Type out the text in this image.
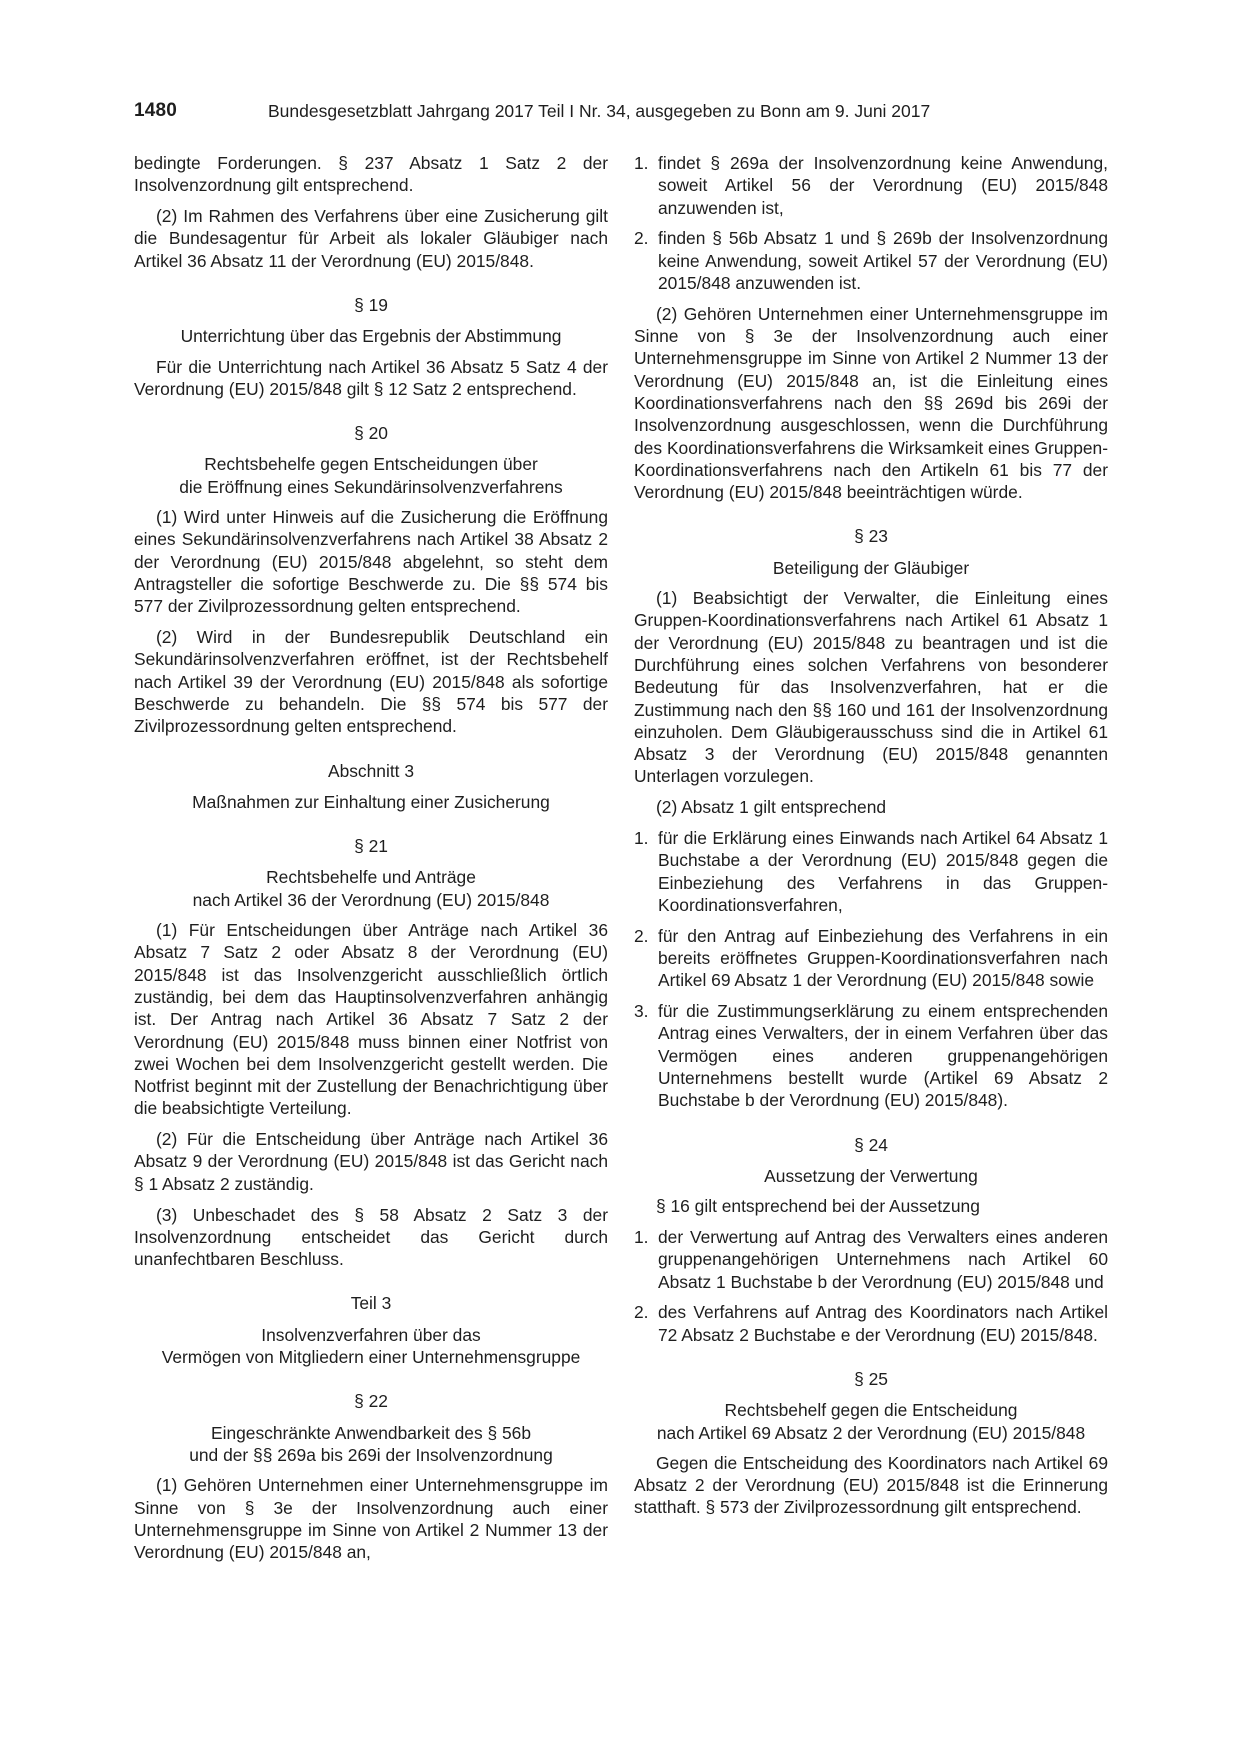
1480	Bundesgesetzblatt Jahrgang 2017 Teil I Nr. 34, ausgegeben zu Bonn am 9. Juni 2017

bedingte Forderungen. § 237 Absatz 1 Satz 2 der Insolvenzordnung gilt entsprechend.

(2) Im Rahmen des Verfahrens über eine Zusicherung gilt die Bundesagentur für Arbeit als lokaler Gläubiger nach Artikel 36 Absatz 11 der Verordnung (EU) 2015/848.

§ 19
Unterrichtung über das Ergebnis der Abstimmung

Für die Unterrichtung nach Artikel 36 Absatz 5 Satz 4 der Verordnung (EU) 2015/848 gilt § 12 Satz 2 entsprechend.

§ 20
Rechtsbehelfe gegen Entscheidungen über
die Eröffnung eines Sekundärinsolvenzverfahrens

(1) Wird unter Hinweis auf die Zusicherung die Eröffnung eines Sekundärinsolvenzverfahrens nach Artikel 38 Absatz 2 der Verordnung (EU) 2015/848 abgelehnt, so steht dem Antragsteller die sofortige Beschwerde zu. Die §§ 574 bis 577 der Zivilprozessordnung gelten entsprechend.

(2) Wird in der Bundesrepublik Deutschland ein Sekundärinsolvenzverfahren eröffnet, ist der Rechtsbehelf nach Artikel 39 der Verordnung (EU) 2015/848 als sofortige Beschwerde zu behandeln. Die §§ 574 bis 577 der Zivilprozessordnung gelten entsprechend.

Abschnitt 3
Maßnahmen zur Einhaltung einer Zusicherung
§ 21
Rechtsbehelfe und Anträge
nach Artikel 36 der Verordnung (EU) 2015/848

(1) Für Entscheidungen über Anträge nach Artikel 36 Absatz 7 Satz 2 oder Absatz 8 der Verordnung (EU) 2015/848 ist das Insolvenzgericht ausschließlich örtlich zuständig, bei dem das Hauptinsolvenzverfahren anhängig ist. Der Antrag nach Artikel 36 Absatz 7 Satz 2 der Verordnung (EU) 2015/848 muss binnen einer Notfrist von zwei Wochen bei dem Insolvenzgericht gestellt werden. Die Notfrist beginnt mit der Zustellung der Benachrichtigung über die beabsichtigte Verteilung.

(2) Für die Entscheidung über Anträge nach Artikel 36 Absatz 9 der Verordnung (EU) 2015/848 ist das Gericht nach § 1 Absatz 2 zuständig.

(3) Unbeschadet des § 58 Absatz 2 Satz 3 der Insolvenzordnung entscheidet das Gericht durch unanfechtbaren Beschluss.

Teil 3
Insolvenzverfahren über das
Vermögen von Mitgliedern einer Unternehmensgruppe
§ 22
Eingeschränkte Anwendbarkeit des § 56b
und der §§ 269a bis 269i der Insolvenzordnung

(1) Gehören Unternehmen einer Unternehmensgruppe im Sinne von § 3e der Insolvenzordnung auch einer Unternehmensgruppe im Sinne von Artikel 2 Nummer 13 der Verordnung (EU) 2015/848 an,

1. findet § 269a der Insolvenzordnung keine Anwendung, soweit Artikel 56 der Verordnung (EU) 2015/848 anzuwenden ist,
2. finden § 56b Absatz 1 und § 269b der Insolvenzordnung keine Anwendung, soweit Artikel 57 der Verordnung (EU) 2015/848 anzuwenden ist.

(2) Gehören Unternehmen einer Unternehmensgruppe im Sinne von § 3e der Insolvenzordnung auch einer Unternehmensgruppe im Sinne von Artikel 2 Nummer 13 der Verordnung (EU) 2015/848 an, ist die Einleitung eines Koordinationsverfahrens nach den §§ 269d bis 269i der Insolvenzordnung ausgeschlossen, wenn die Durchführung des Koordinationsverfahrens die Wirksamkeit eines Gruppen-Koordinationsverfahrens nach den Artikeln 61 bis 77 der Verordnung (EU) 2015/848 beeinträchtigen würde.

§ 23
Beteiligung der Gläubiger

(1) Beabsichtigt der Verwalter, die Einleitung eines Gruppen-Koordinationsverfahrens nach Artikel 61 Absatz 1 der Verordnung (EU) 2015/848 zu beantragen und ist die Durchführung eines solchen Verfahrens von besonderer Bedeutung für das Insolvenzverfahren, hat er die Zustimmung nach den §§ 160 und 161 der Insolvenzordnung einzuholen. Dem Gläubigerausschuss sind die in Artikel 61 Absatz 3 der Verordnung (EU) 2015/848 genannten Unterlagen vorzulegen.

(2) Absatz 1 gilt entsprechend

1. für die Erklärung eines Einwands nach Artikel 64 Absatz 1 Buchstabe a der Verordnung (EU) 2015/848 gegen die Einbeziehung des Verfahrens in das Gruppen-Koordinationsverfahren,
2. für den Antrag auf Einbeziehung des Verfahrens in ein bereits eröffnetes Gruppen-Koordinationsverfahren nach Artikel 69 Absatz 1 der Verordnung (EU) 2015/848 sowie
3. für die Zustimmungserklärung zu einem entsprechenden Antrag eines Verwalters, der in einem Verfahren über das Vermögen eines anderen gruppenangehörigen Unternehmens bestellt wurde (Artikel 69 Absatz 2 Buchstabe b der Verordnung (EU) 2015/848).
§ 24
Aussetzung der Verwertung

§ 16 gilt entsprechend bei der Aussetzung

1. der Verwertung auf Antrag des Verwalters eines anderen gruppenangehörigen Unternehmens nach Artikel 60 Absatz 1 Buchstabe b der Verordnung (EU) 2015/848 und
2. des Verfahrens auf Antrag des Koordinators nach Artikel 72 Absatz 2 Buchstabe e der Verordnung (EU) 2015/848.
§ 25
Rechtsbehelf gegen die Entscheidung
nach Artikel 69 Absatz 2 der Verordnung (EU) 2015/848

Gegen die Entscheidung des Koordinators nach Artikel 69 Absatz 2 der Verordnung (EU) 2015/848 ist die Erinnerung statthaft. § 573 der Zivilprozessordnung gilt entsprechend.
